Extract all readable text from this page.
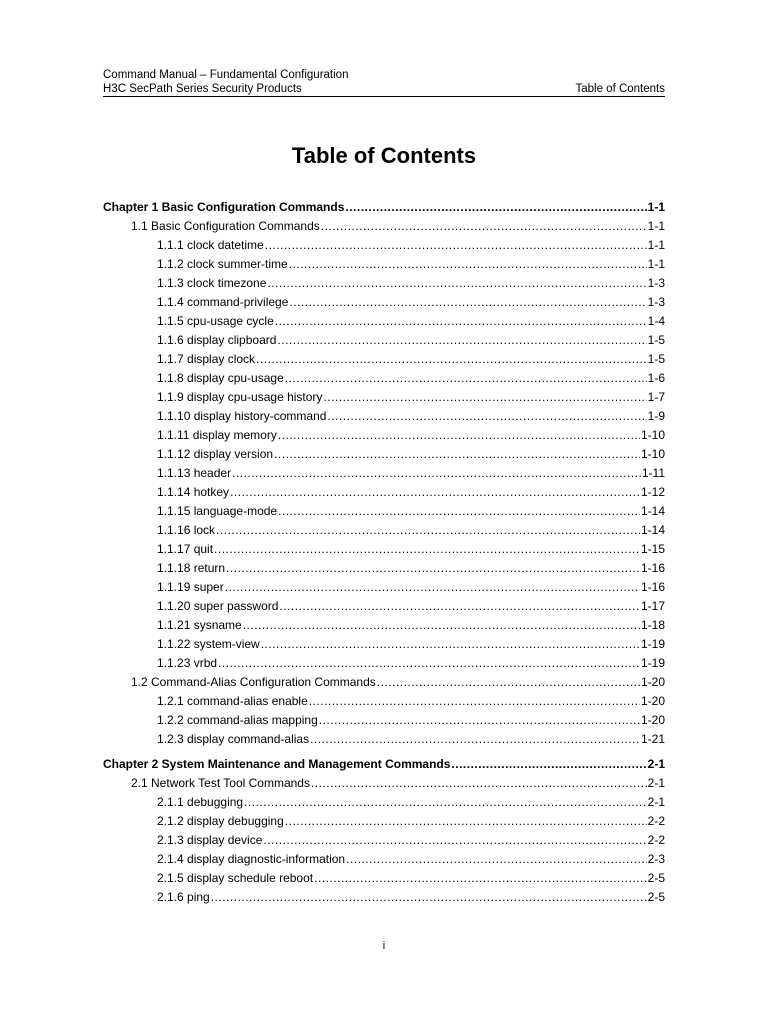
Command Manual – Fundamental Configuration
H3C SecPath Series Security Products	Table of Contents
Table of Contents
Chapter 1 Basic Configuration Commands .....	1-1
1.1 Basic Configuration Commands .....	1-1
1.1.1 clock datetime .....	1-1
1.1.2 clock summer-time .....	1-1
1.1.3 clock timezone .....	1-3
1.1.4 command-privilege .....	1-3
1.1.5 cpu-usage cycle .....	1-4
1.1.6 display clipboard .....	1-5
1.1.7 display clock .....	1-5
1.1.8 display cpu-usage .....	1-6
1.1.9 display cpu-usage history .....	1-7
1.1.10 display history-command .....	1-9
1.1.11 display memory .....	1-10
1.1.12 display version .....	1-10
1.1.13 header .....	1-11
1.1.14 hotkey .....	1-12
1.1.15 language-mode .....	1-14
1.1.16 lock .....	1-14
1.1.17 quit .....	1-15
1.1.18 return .....	1-16
1.1.19 super .....	1-16
1.1.20 super password .....	1-17
1.1.21 sysname .....	1-18
1.1.22 system-view .....	1-19
1.1.23 vrbd .....	1-19
1.2 Command-Alias Configuration Commands .....	1-20
1.2.1 command-alias enable .....	1-20
1.2.2 command-alias mapping .....	1-20
1.2.3 display command-alias .....	1-21
Chapter 2 System Maintenance and Management Commands .....	2-1
2.1 Network Test Tool Commands .....	2-1
2.1.1 debugging .....	2-1
2.1.2 display debugging .....	2-2
2.1.3 display device .....	2-2
2.1.4 display diagnostic-information .....	2-3
2.1.5 display schedule reboot .....	2-5
2.1.6 ping .....	2-5
i
